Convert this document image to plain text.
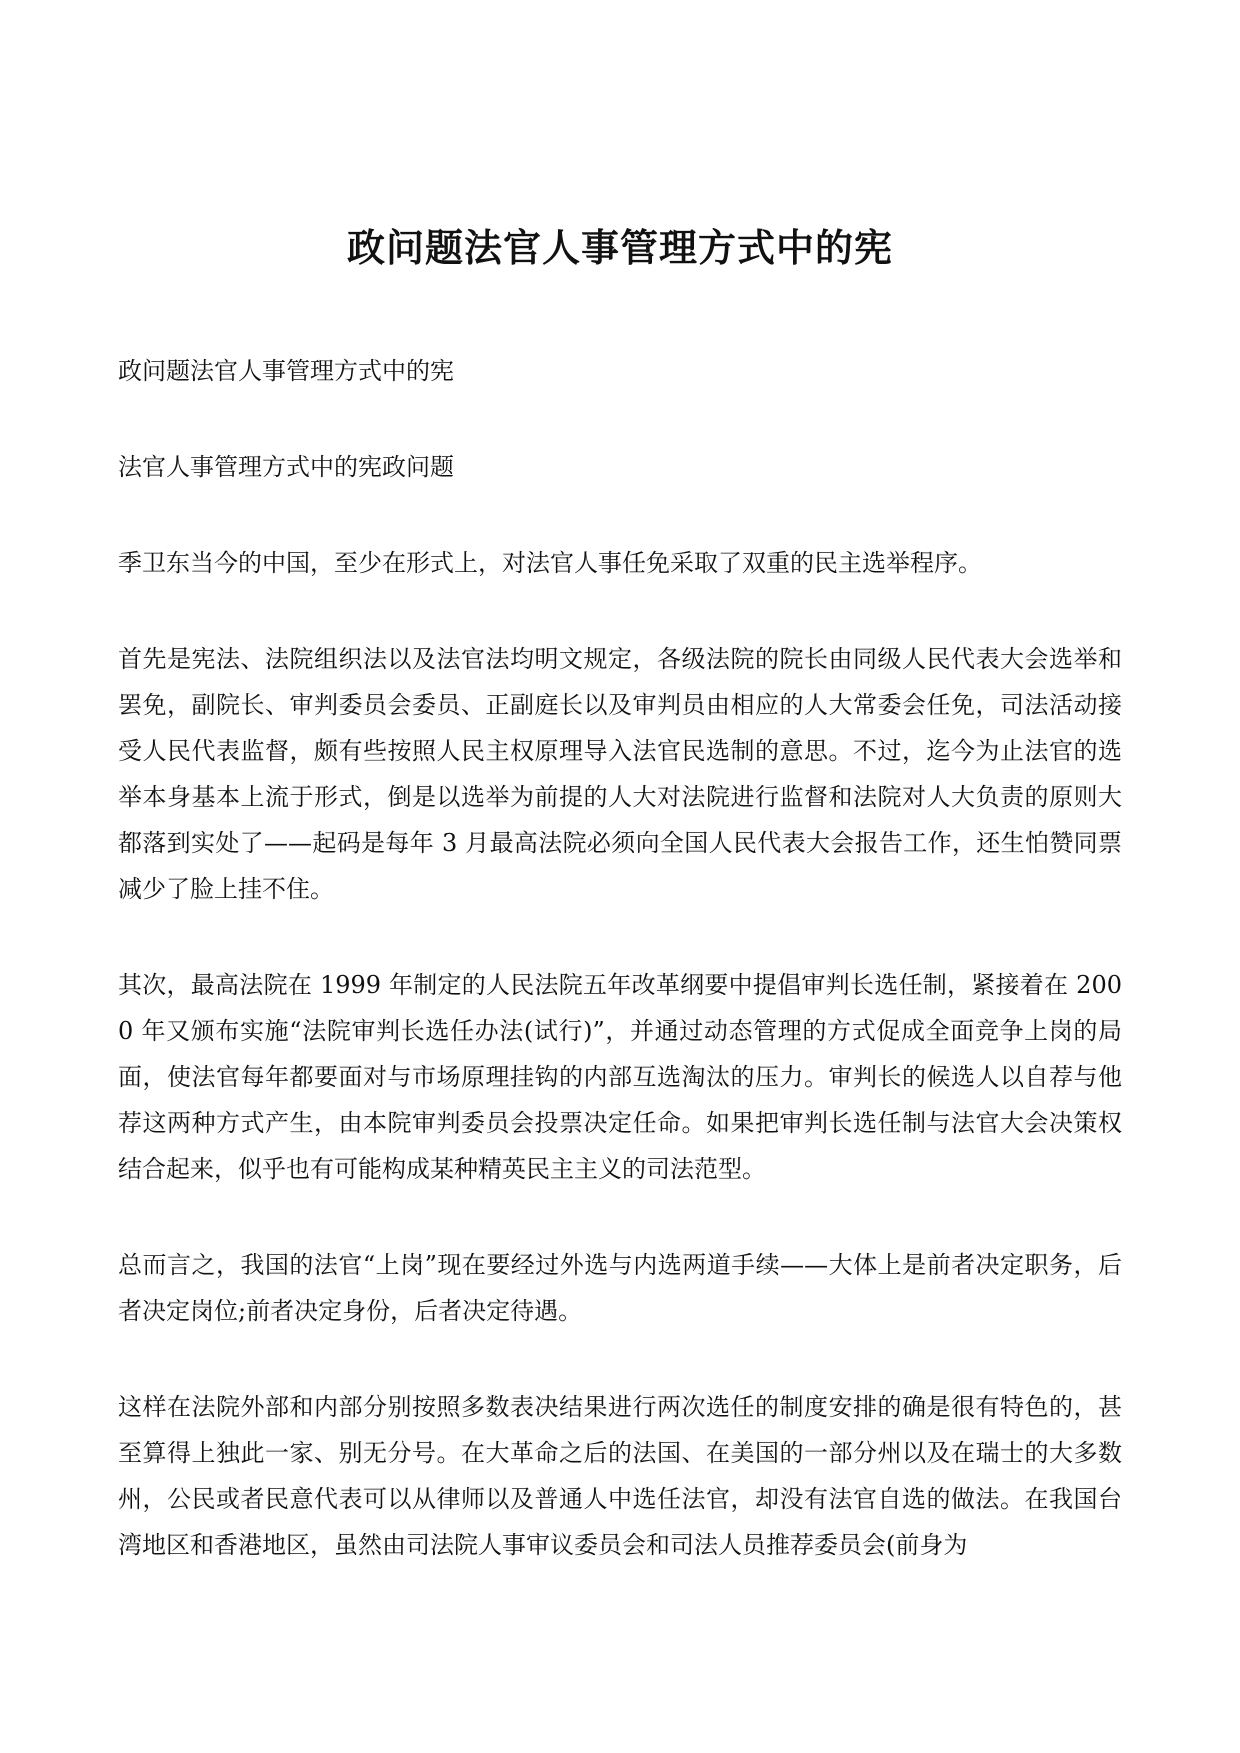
政问题法官人事管理方式中的宪

政问题法官人事管理方式中的宪

法官人事管理方式中的宪政问题

季卫东当今的中国，至少在形式上，对法官人事任免采取了双重的民主选举程序。

首先是宪法、法院组织法以及法官法均明文规定，各级法院的院长由同级人民代表大会选举和罢免，副院长、审判委员会委员、正副庭长以及审判员由相应的人大常委会任免，司法活动接受人民代表监督，颇有些按照人民主权原理导入法官民选制的意思。不过，迄今为止法官的选举本身基本上流于形式，倒是以选举为前提的人大对法院进行监督和法院对人大负责的原则大都落到实处了——起码是每年 3 月最高法院必须向全国人民代表大会报告工作，还生怕赞同票减少了脸上挂不住。

其次，最高法院在 1999 年制定的人民法院五年改革纲要中提倡审判长选任制，紧接着在 2000 年又颁布实施“法院审判长选任办法(试行)”，并通过动态管理的方式促成全面竞争上岗的局面，使法官每年都要面对与市场原理挂钩的内部互选淘汰的压力。审判长的候选人以自荐与他荐这两种方式产生，由本院审判委员会投票决定任命。如果把审判长选任制与法官大会决策权结合起来，似乎也有可能构成某种精英民主主义的司法范型。

总而言之，我国的法官“上岗”现在要经过外选与内选两道手续——大体上是前者决定职务，后者决定岗位;前者决定身份，后者决定待遇。

这样在法院外部和内部分别按照多数表决结果进行两次选任的制度安排的确是很有特色的，甚至算得上独此一家、别无分号。在大革命之后的法国、在美国的一部分州以及在瑞士的大多数州，公民或者民意代表可以从律师以及普通人中选任法官，却没有法官自选的做法。在我国台湾地区和香港地区，虽然由司法院人事审议委员会和司法人员推荐委员会(前身为
